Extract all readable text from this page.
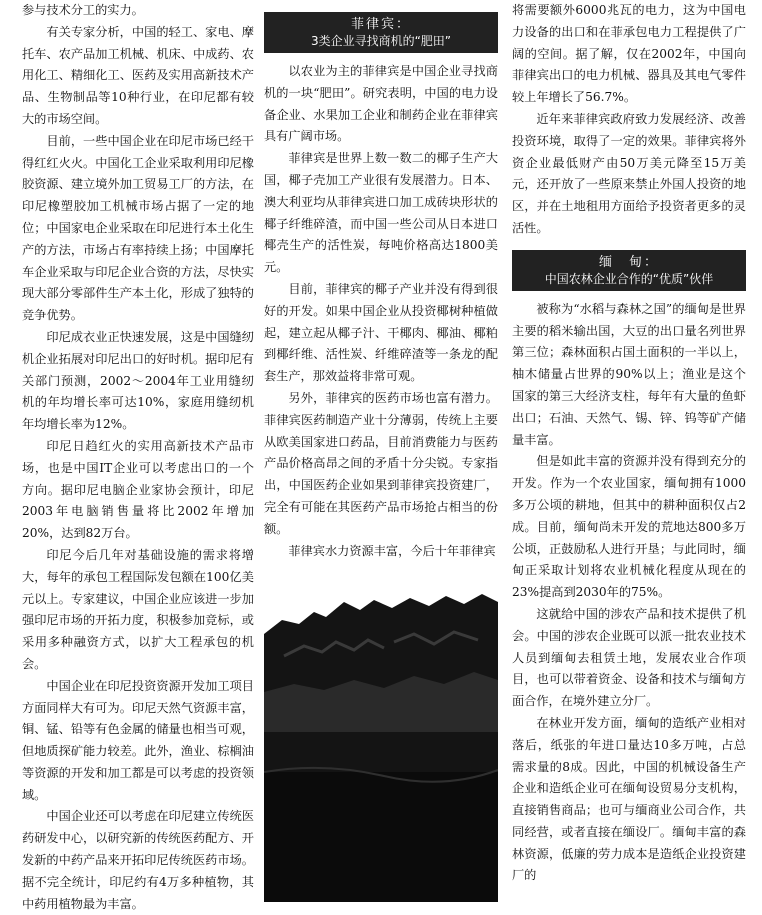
参与技术分工的实力。

有关专家分析，中国的轻工、家电、摩托车、农产品加工机械、机床、中成药、农用化工、精细化工、医药及实用高新技术产品、生物制品等10种行业，在印尼都有较大的市场空间。

目前，一些中国企业在印尼市场已经干得红红火火。中国化工企业采取利用印尼橡胶资源、建立境外加工贸易工厂的方法，在印尼橡塑胶加工机械市场占据了一定的地位；中国家电企业采取在印尼进行本土化生产的方法，市场占有率持续上扬；中国摩托车企业采取与印尼企业合资的方法，尽快实现大部分零部件生产本土化，形成了独特的竞争优势。

印尼成衣业正快速发展，这是中国缝纫机企业拓展对印尼出口的好时机。据印尼有关部门预测，2002～2004年工业用缝纫机的年均增长率可达10%，家庭用缝纫机年均增长率为12%。

印尼日趋红火的实用高新技术产品市场，也是中国IT企业可以考虑出口的一个方向。据印尼电脑企业家协会预计，印尼2003年电脑销售量将比2002年增加20%，达到82万台。

印尼今后几年对基础设施的需求将增大，每年的承包工程国际发包额在100亿美元以上。专家建议，中国企业应该进一步加强印尼市场的开拓力度，积极参加竞标，或采用多种融资方式，以扩大工程承包的机会。

中国企业在印尼投资资源开发加工项目方面同样大有可为。印尼天然气资源丰富，铜、锰、铅等有色金属的储量也相当可观，但地质探矿能力较差。此外，渔业、棕榈油等资源的开发和加工都是可以考虑的投资领域。

中国企业还可以考虑在印尼建立传统医药研发中心，以研究新的传统医药配方、开发新的中药产品来开拓印尼传统医药市场。据不完全统计，印尼约有4万多种植物，其中药用植物最为丰富。

菲律宾：
3类企业寻找商机的“肥田”

以农业为主的菲律宾是中国企业寻找商机的一块“肥田”。研究表明，中国的电力设备企业、水果加工企业和制药企业在菲律宾具有广阔市场。

菲律宾是世界上数一数二的椰子生产大国，椰子壳加工产业很有发展潜力。日本、澳大利亚均从菲律宾进口加工成砖块形状的椰子纤维碎渣，而中国一些公司从日本进口椰壳生产的活性炭，每吨价格高达1800美元。

目前，菲律宾的椰子产业并没有得到很好的开发。如果中国企业从投资椰树种植做起，建立起从椰子汁、干椰肉、椰油、椰粕到椰纤维、活性炭、纤维碎渣等一条龙的配套生产，那效益将非常可观。

另外，菲律宾的医药市场也富有潜力。菲律宾医药制造产业十分薄弱，传统上主要从欧美国家进口药品，目前消费能力与医药产品价格高昂之间的矛盾十分尖锐。专家指出，中国医药企业如果到菲律宾投资建厂，完全有可能在其医药产品市场抢占相当的份额。

菲律宾水力资源丰富，今后十年菲律宾

将需要额外6000兆瓦的电力，这为中国电力设备的出口和在菲承包电力工程提供了广阔的空间。据了解，仅在2002年，中国向菲律宾出口的电力机械、器具及其电气零件较上年增长了56.7%。

近年来菲律宾政府致力发展经济、改善投资环境，取得了一定的效果。菲律宾将外资企业最低财产由50万美元降至15万美元，还开放了一些原来禁止外国人投资的地区，并在土地租用方面给予投资者更多的灵活性。

缅　甸：
中国农林企业合作的“优质”伙伴

被称为“水稻与森林之国”的缅甸是世界主要的稻米输出国，大豆的出口量名列世界第三位；森林面积占国土面积的一半以上，柚木储量占世界的90%以上；渔业是这个国家的第三大经济支柱，每年有大量的鱼虾出口；石油、天然气、锡、锌、钨等矿产储量丰富。

但是如此丰富的资源并没有得到充分的开发。作为一个农业国家，缅甸拥有1000多万公顷的耕地，但其中的耕种面积仅占2成。目前，缅甸尚未开发的荒地达800多万公顷，正鼓励私人进行开垦；与此同时，缅甸正采取计划将农业机械化程度从现在的23%提高到2030年的75%。

这就给中国的涉农产品和技术提供了机会。中国的涉农企业既可以派一批农业技术人员到缅甸去租赁土地，发展农业合作项目，也可以带着资金、设备和技术与缅甸方面合作，在境外建立分厂。

在林业开发方面，缅甸的造纸产业相对落后，纸张的年进口量达10多万吨，占总需求量的8成。因此，中国的机械设备生产企业和造纸企业可在缅甸设贸易分支机构，直接销售商品；也可与缅商业公司合作，共同经营，或者直接在缅设厂。缅甸丰富的森林资源，低廉的劳力成本是造纸企业投资建厂的
